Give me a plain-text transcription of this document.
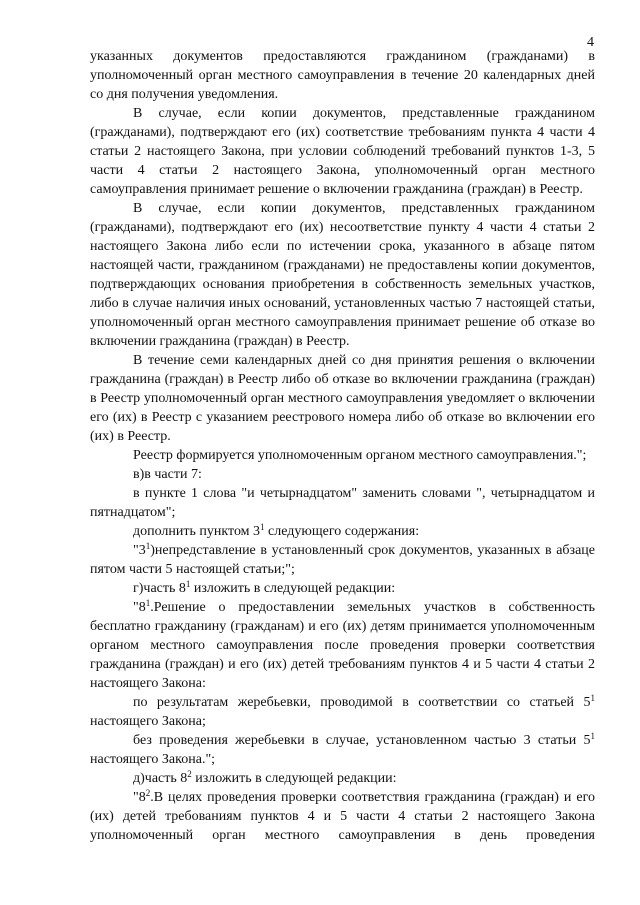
4

указанных документов предоставляются гражданином (гражданами) в уполномоченный орган местного самоуправления в течение 20 календарных дней со дня получения уведомления.

В случае, если копии документов, представленные гражданином (гражданами), подтверждают его (их) соответствие требованиям пункта 4 части 4 статьи 2 настоящего Закона, при условии соблюдений требований пунктов 1-3, 5 части 4 статьи 2 настоящего Закона, уполномоченный орган местного самоуправления принимает решение о включении гражданина (граждан) в Реестр.

В случае, если копии документов, представленных гражданином (гражданами), подтверждают его (их) несоответствие пункту 4 части 4 статьи 2 настоящего Закона либо если по истечении срока, указанного в абзаце пятом настоящей части, гражданином (гражданами) не предоставлены копии документов, подтверждающих основания приобретения в собственность земельных участков, либо в случае наличия иных оснований, установленных частью 7 настоящей статьи, уполномоченный орган местного самоуправления принимает решение об отказе во включении гражданина (граждан) в Реестр.

В течение семи календарных дней со дня принятия решения о включении гражданина (граждан) в Реестр либо об отказе во включении гражданина (граждан) в Реестр уполномоченный орган местного самоуправления уведомляет о включении его (их) в Реестр с указанием реестрового номера либо об отказе во включении его (их) в Реестр.

Реестр формируется уполномоченным органом местного самоуправления.";

в)в части 7:

в пункте 1 слова "и четырнадцатом" заменить словами ", четырнадцатом и пятнадцатом";

дополнить пунктом $3^1$ следующего содержания:

"$3^1)непредставление$ в установленный срок документов, указанных в абзаце пятом части 5 настоящей статьи;";

г)часть $8^1$ изложить в следующей редакции:

"$8^1.Решение$ о предоставлении земельных участков в собственность бесплатно гражданину (гражданам) и его (их) детям принимается уполномоченным органом местного самоуправления после проведения проверки соответствия гражданина (граждан) и его (их) детей требованиям пунктов 4 и 5 части 4 статьи 2 настоящего Закона:

по результатам жеребьевки, проводимой в соответствии со статьей $5^1$ настоящего Закона;

без проведения жеребьевки в случае, установленном частью 3 статьи $5^1$ настоящего Закона.";

д)часть $8^2$ изложить в следующей редакции:

"$8^2.В$ целях проведения проверки соответствия гражданина (граждан) и его (их) детей требованиям пунктов 4 и 5 части 4 статьи 2 настоящего Закона уполномоченный орган местного самоуправления в день проведения
